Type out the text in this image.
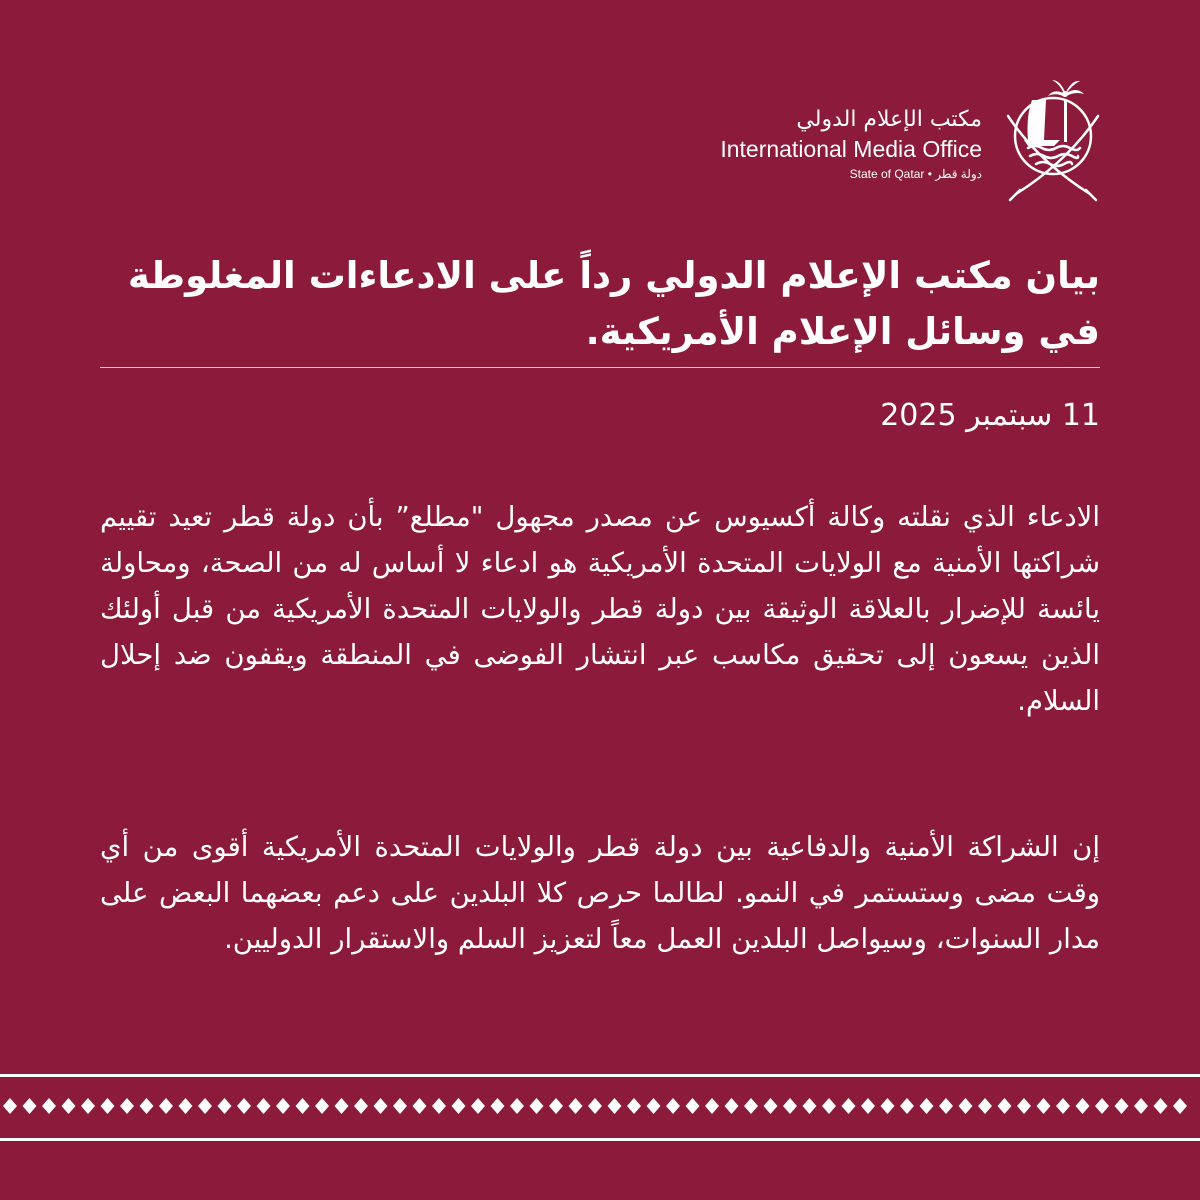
مكتب الإعلام الدولي
International Media Office
State of Qatar • دولة قطر
بيان مكتب الإعلام الدولي رداً على الادعاءات المغلوطة في وسائل الإعلام الأمريكية.
11 سبتمبر 2025

الادعاء الذي نقلته وكالة أكسيوس عن مصدر مجهول "مطلع” بأن دولة قطر تعيد تقييم شراكتها الأمنية مع الولايات المتحدة الأمريكية هو ادعاء لا أساس له من الصحة، ومحاولة يائسة للإضرار بالعلاقة الوثيقة بين دولة قطر والولايات المتحدة الأمريكية من قبل أولئك الذين يسعون إلى تحقيق مكاسب عبر انتشار الفوضى في المنطقة ويقفون ضد إحلال السلام.

إن الشراكة الأمنية والدفاعية بين دولة قطر والولايات المتحدة الأمريكية أقوى من أي وقت مضى وستستمر في النمو. لطالما حرص كلا البلدين على دعم بعضهما البعض على مدار السنوات، وسيواصل البلدين العمل معاً لتعزيز السلم والاستقرار الدوليين.
